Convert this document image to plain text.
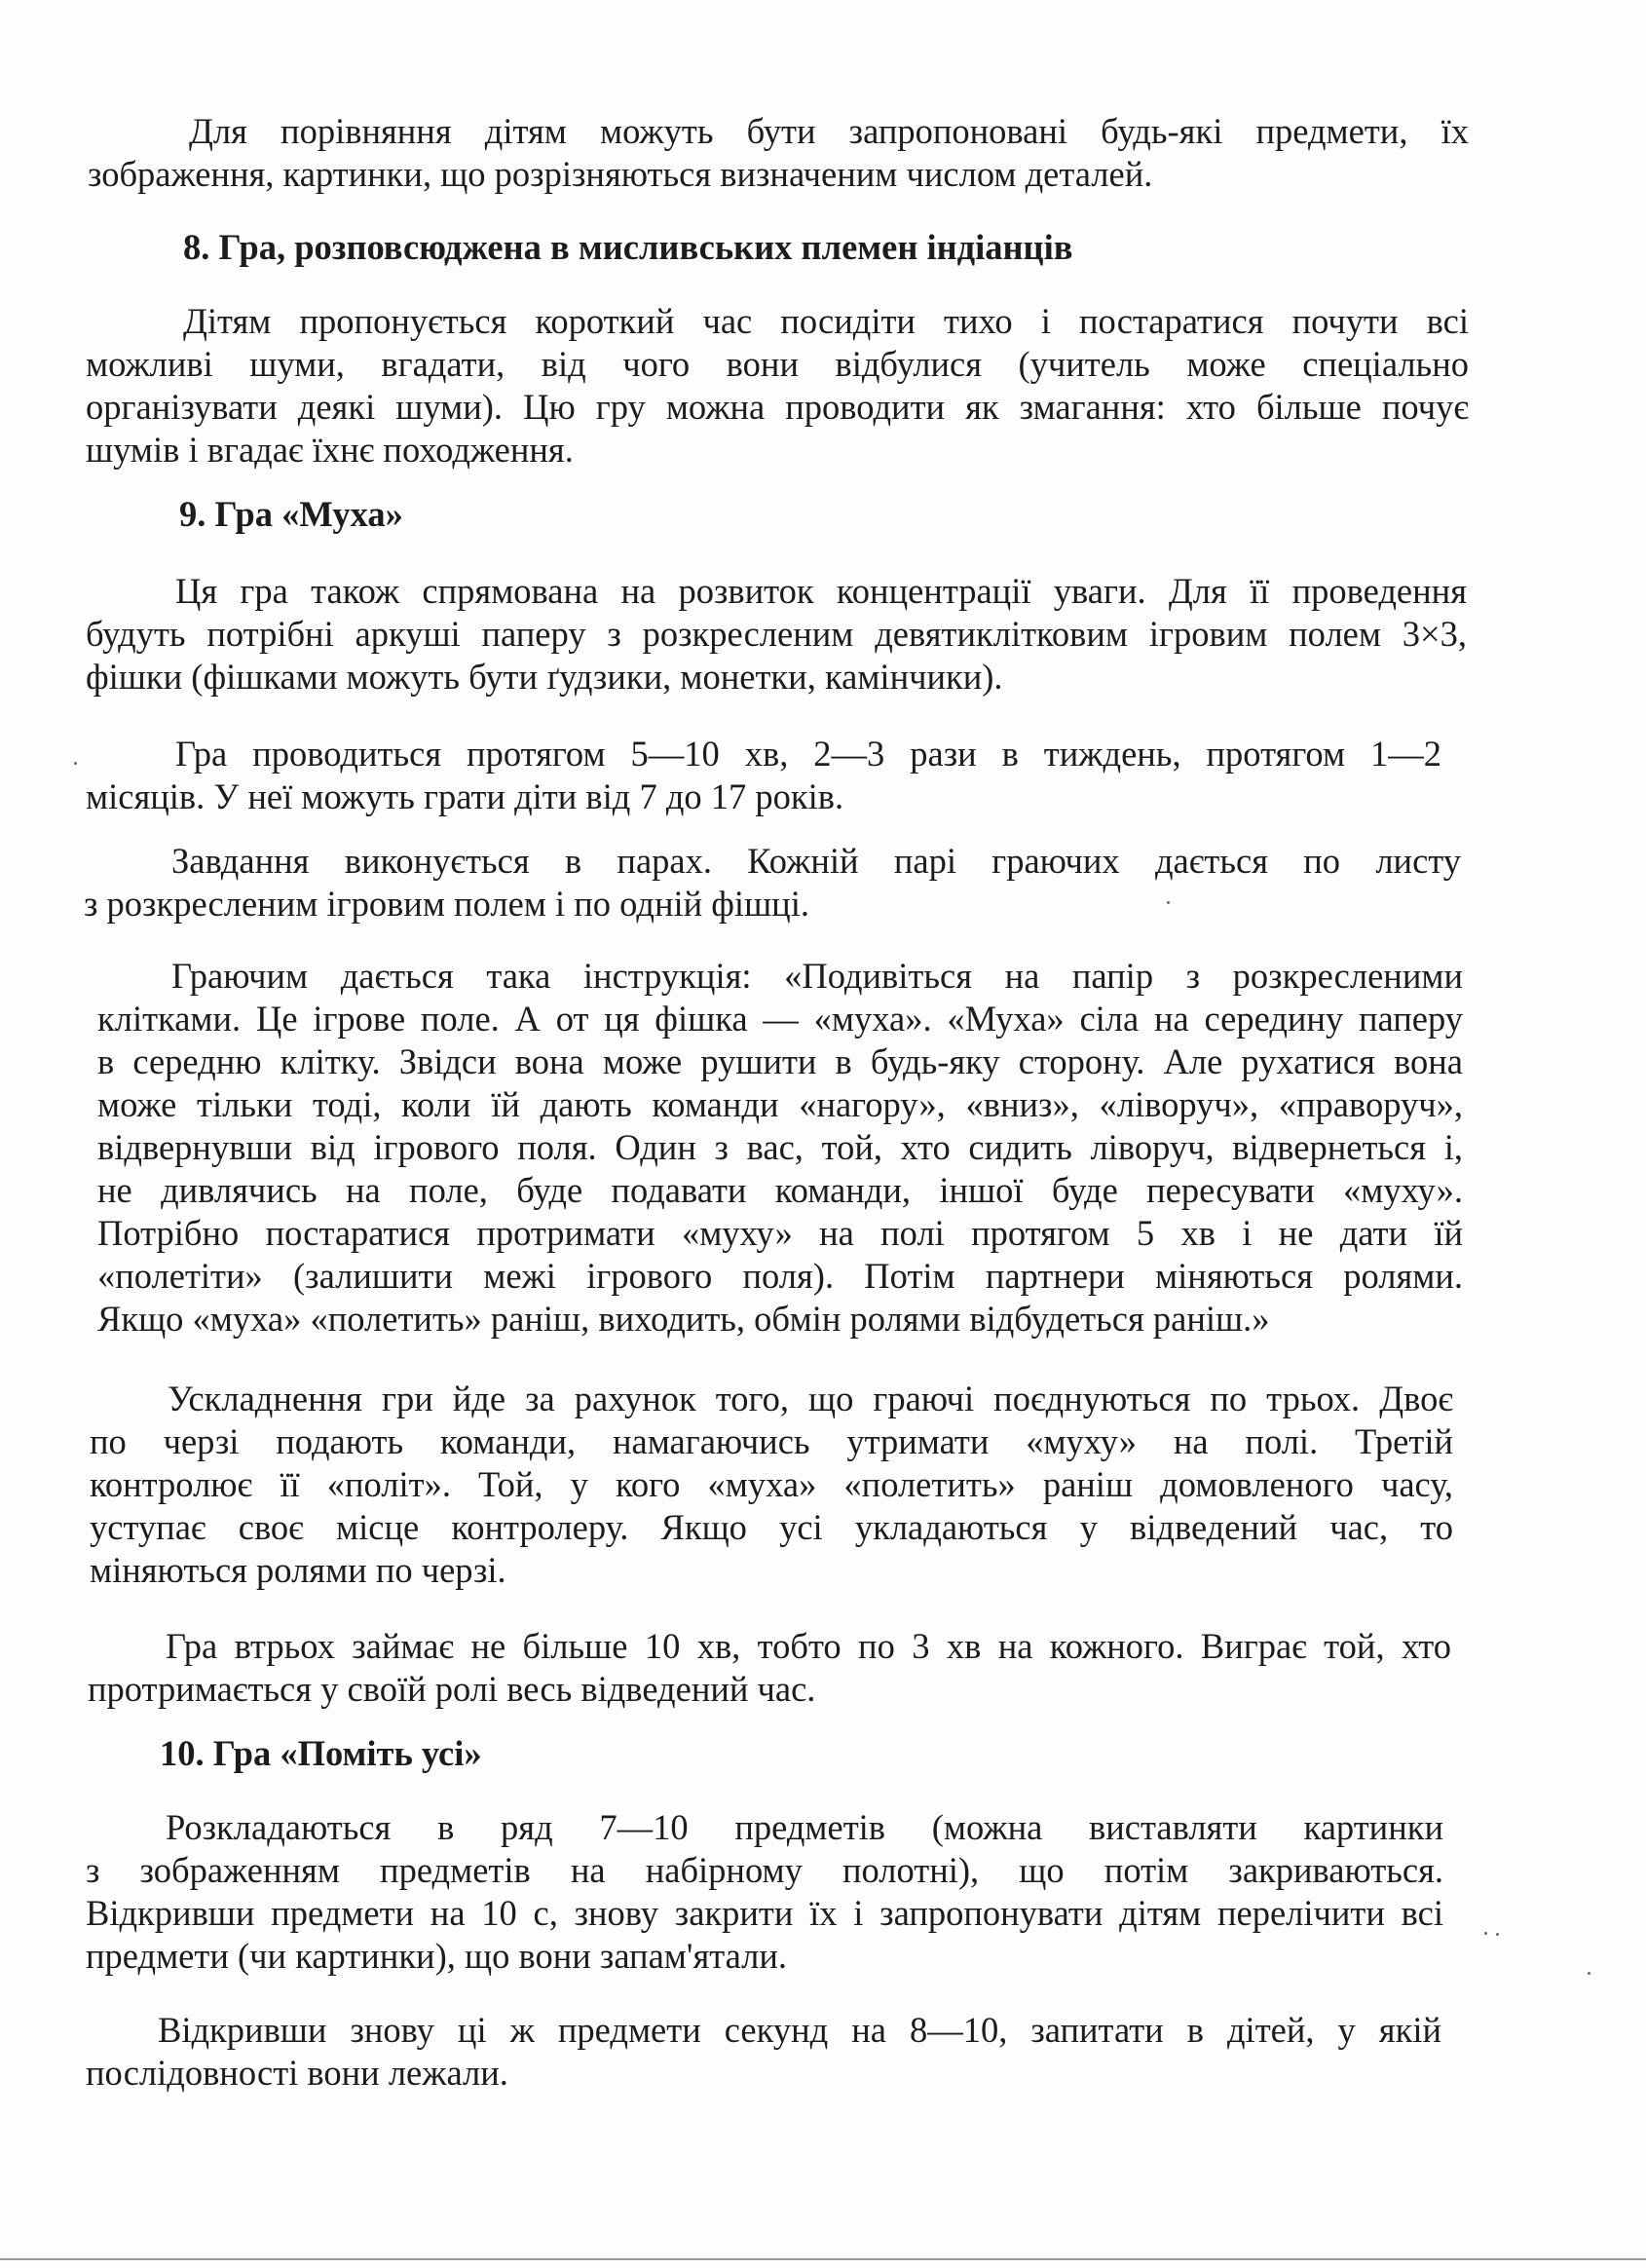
Для порівняння дітям можуть бути запропоновані будь-які предмети, їх
зображення, картинки, що розрізняються визначеним числом деталей.
8. Гра, розповсюджена в мисливських племен індіанців
Дітям пропонується короткий час посидіти тихо і постаратися почути всі
можливі шуми, вгадати, від чого вони відбулися (учитель може спеціально
організувати деякі шуми). Цю гру можна проводити як змагання: хто більше почує
шумів і вгадає їхнє походження.
9. Гра «Муха»
Ця гра також спрямована на розвиток концентрації уваги. Для її проведення
будуть потрібні аркуші паперу з розкресленим девятиклітковим ігровим полем 3×3,
фішки (фішками можуть бути ґудзики, монетки, камінчики).
Гра проводиться протягом 5—10 хв, 2—3 рази в тиждень, протягом 1—2
місяців. У неї можуть грати діти від 7 до 17 років.
Завдання виконується в парах. Кожній парі граючих дається по листу
з розкресленим ігровим полем і по одній фішці.
Граючим дається така інструкція: «Подивіться на папір з розкресленими
клітками. Це ігрове поле. А от ця фішка — «муха». «Муха» сіла на середину паперу
в середню клітку. Звідси вона може рушити в будь-яку сторону. Але рухатися вона
може тільки тоді, коли їй дають команди «нагору», «вниз», «ліворуч», «праворуч»,
відвернувши від ігрового поля. Один з вас, той, хто сидить ліворуч, відвернеться і,
не дивлячись на поле, буде подавати команди, іншої буде пересувати «муху».
Потрібно постаратися протримати «муху» на полі протягом 5 хв і не дати їй
«полетіти» (залишити межі ігрового поля). Потім партнери міняються ролями.
Якщо «муха» «полетить» раніш, виходить, обмін ролями відбудеться раніш.»
Ускладнення гри йде за рахунок того, що граючі поєднуються по трьох. Двоє
по черзі подають команди, намагаючись утримати «муху» на полі. Третій
контролює її «політ». Той, у кого «муха» «полетить» раніш домовленого часу,
уступає своє місце контролеру. Якщо усі укладаються у відведений час, то
міняються ролями по черзі.
Гра втрьох займає не більше 10 хв, тобто по 3 хв на кожного. Виграє той, хто
протримається у своїй ролі весь відведений час.
10. Гра «Поміть усі»
Розкладаються в ряд 7—10 предметів (можна виставляти картинки
з зображенням предметів на набірному полотні), що потім закриваються.
Відкривши предмети на 10 с, знову закрити їх і запропонувати дітям перелічити всі
предмети (чи картинки), що вони запам'ятали.
Відкривши знову ці ж предмети секунд на 8—10, запитати в дітей, у якій
послідовності вони лежали.
